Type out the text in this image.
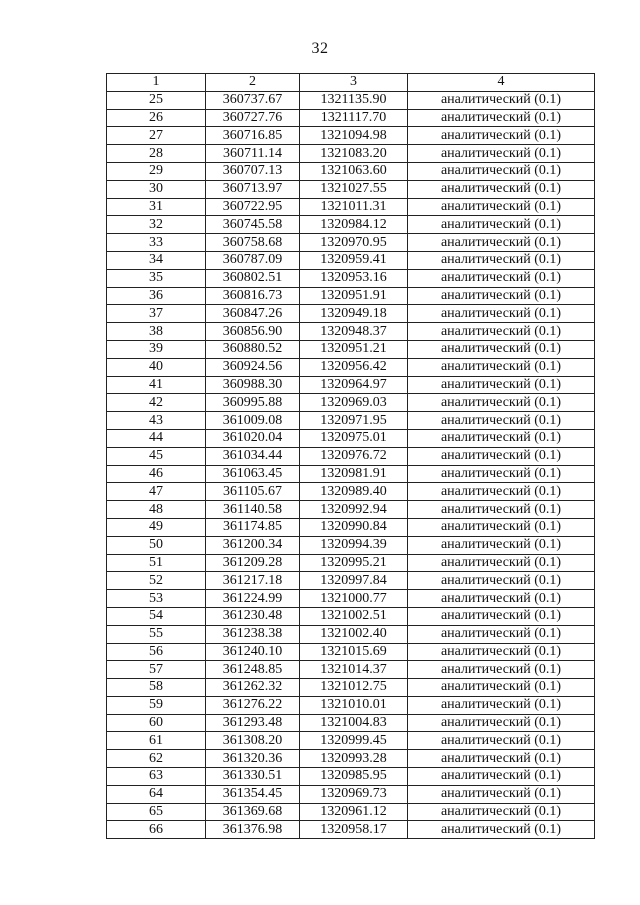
32
1	2	3	4
25	360737.67	1321135.90	аналитический (0.1)
26	360727.76	1321117.70	аналитический (0.1)
27	360716.85	1321094.98	аналитический (0.1)
28	360711.14	1321083.20	аналитический (0.1)
29	360707.13	1321063.60	аналитический (0.1)
30	360713.97	1321027.55	аналитический (0.1)
31	360722.95	1321011.31	аналитический (0.1)
32	360745.58	1320984.12	аналитический (0.1)
33	360758.68	1320970.95	аналитический (0.1)
34	360787.09	1320959.41	аналитический (0.1)
35	360802.51	1320953.16	аналитический (0.1)
36	360816.73	1320951.91	аналитический (0.1)
37	360847.26	1320949.18	аналитический (0.1)
38	360856.90	1320948.37	аналитический (0.1)
39	360880.52	1320951.21	аналитический (0.1)
40	360924.56	1320956.42	аналитический (0.1)
41	360988.30	1320964.97	аналитический (0.1)
42	360995.88	1320969.03	аналитический (0.1)
43	361009.08	1320971.95	аналитический (0.1)
44	361020.04	1320975.01	аналитический (0.1)
45	361034.44	1320976.72	аналитический (0.1)
46	361063.45	1320981.91	аналитический (0.1)
47	361105.67	1320989.40	аналитический (0.1)
48	361140.58	1320992.94	аналитический (0.1)
49	361174.85	1320990.84	аналитический (0.1)
50	361200.34	1320994.39	аналитический (0.1)
51	361209.28	1320995.21	аналитический (0.1)
52	361217.18	1320997.84	аналитический (0.1)
53	361224.99	1321000.77	аналитический (0.1)
54	361230.48	1321002.51	аналитический (0.1)
55	361238.38	1321002.40	аналитический (0.1)
56	361240.10	1321015.69	аналитический (0.1)
57	361248.85	1321014.37	аналитический (0.1)
58	361262.32	1321012.75	аналитический (0.1)
59	361276.22	1321010.01	аналитический (0.1)
60	361293.48	1321004.83	аналитический (0.1)
61	361308.20	1320999.45	аналитический (0.1)
62	361320.36	1320993.28	аналитический (0.1)
63	361330.51	1320985.95	аналитический (0.1)
64	361354.45	1320969.73	аналитический (0.1)
65	361369.68	1320961.12	аналитический (0.1)
66	361376.98	1320958.17	аналитический (0.1)
